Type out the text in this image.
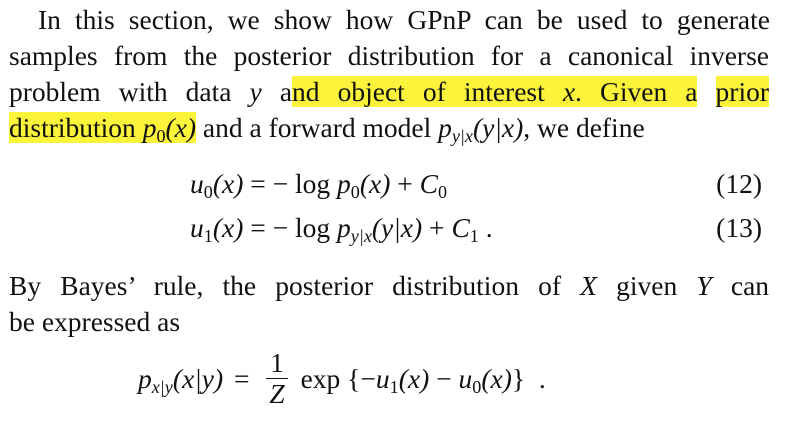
In this section, we show how GPnP can be used to generate
samples from the posterior distribution for a canonical inverse
problem with data y and object of interest x. Given a prior
distribution $p_0(x)$ and a forward model $p_{y|x}(y|x)$, we define
$u_0(x)$ = − $\log p_0(x) + C_0$	(12)
$u_1(x)$ = − $\log p_{y|x}(y|x) + C_1$ .	(13)
By Bayes’ rule, the posterior distribution of X given Y can
be expressed as
$p_{x|y}(x|y) = \frac{1}{Z}$ $\exp \{-u_1(x) - u_0(x)\}$ .
